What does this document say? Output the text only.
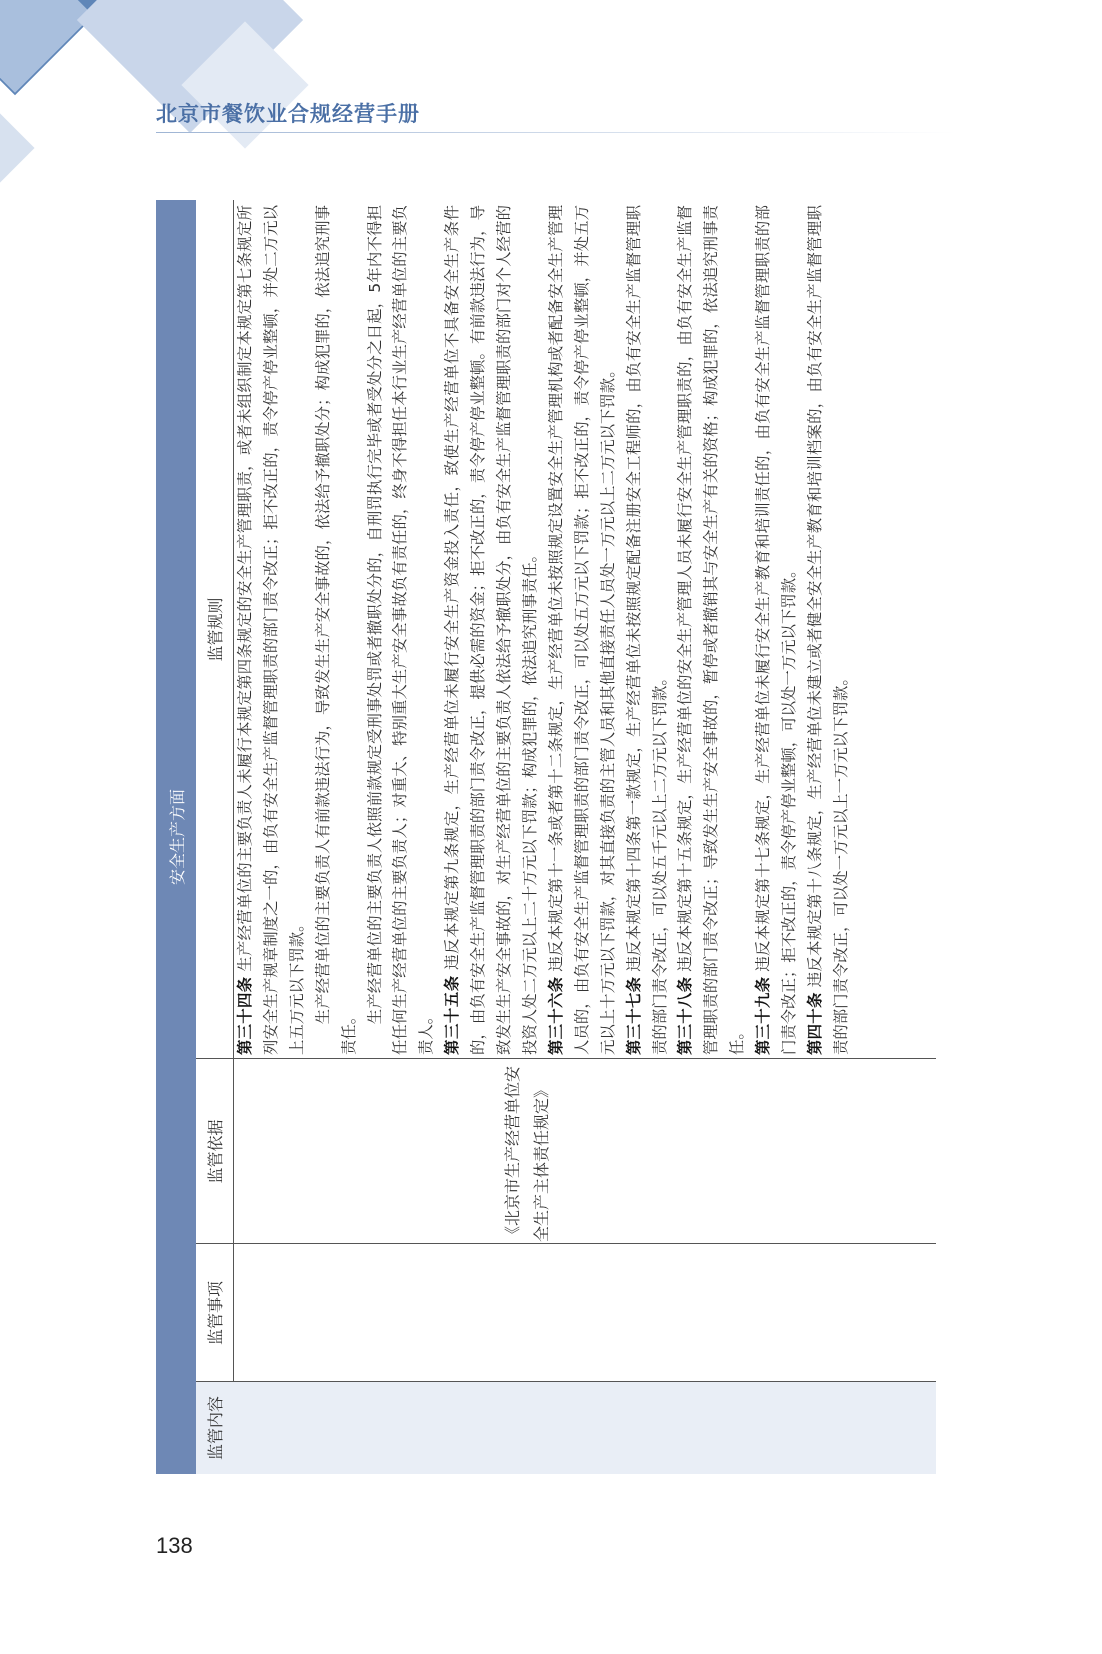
北京市餐饮业合规经营手册
安全生产方面
监管内容
监管事项
监管依据
监管规则
《北京市生产经营单位安全生产主体责任规定》

第三十四条 生产经营单位的主要负责人未履行本规定第四条规定的安全生产管理职责，或者未组织制定本规定第七条规定所列安全生产规章制度之一的，由负有安全生产监督管理职责的部门责令改正；拒不改正的，责令停产停业整顿，并处二万元以上五万元以下罚款。 生产经营单位的主要负责人有前款违法行为，导致发生生产安全事故的，依法给予撤职处分；构成犯罪的，依法追究刑事责任。

生产经营单位的主要负责人依照前款规定受刑事处罚或者撤职处分的，自刑罚执行完毕或者受处分之日起，5年内不得担任任何生产经营单位的主要负责人；对重大、特别重大生产安全事故负有责任的，终身不得担任本行业生产经营单位的主要负责人。 第三十五条 违反本规定第九条规定，生产经营单位未履行安全生产资金投入责任，致使生产经营单位不具备安全生产条件的，由负有安全生产监督管理职责的部门责令改正，提供必需的资金；拒不改正的，责令停产停业整顿。有前款违法行为，导致发生生产安全事故的，对生产经营单位的主要负责人依法给予撤职处分，由负有安全生产监督管理职责的部门对个人经营的投资人处二万元以上二十万元以下罚款；构成犯罪的，依法追究刑事责任。 第三十六条 违反本规定第十一条或者第十二条规定，生产经营单位未按照规定设置安全生产管理机构或者配备安全生产管理人员的，由负有安全生产监督管理职责的部门责令改正，可以处五万元以下罚款；拒不改正的，责令停产停业整顿，并处五万元以上十万元以下罚款，对其直接负责的主管人员和其他直接责任人员处一万元以上二万元以下罚款。 第三十七条 违反本规定第十四条第一款规定，生产经营单位未按照规定配备注册安全工程师的，由负有安全生产监督管理职责的部门责令改正，可以处五千元以上二万元以下罚款。 第三十八条 违反本规定第十五条规定，生产经营单位的安全生产管理人员未履行安全生产管理职责的，由负有安全生产监督管理职责的部门责令改正；导致发生生产安全事故的，暂停或者撤销其与安全生产有关的资格；构成犯罪的，依法追究刑事责任。 第三十九条 违反本规定第十七条规定，生产经营单位未履行安全生产教育和培训责任的，由负有安全生产监督管理职责的部门责令改正；拒不改正的，责令停产停业整顿，可以处一万元以下罚款。 第四十条 违反本规定第十八条规定，生产经营单位未建立或者健全安全生产教育和培训档案的，由负有安全生产监督管理职责的部门责令改正，可以处一万元以上一万元以下罚款。

138
